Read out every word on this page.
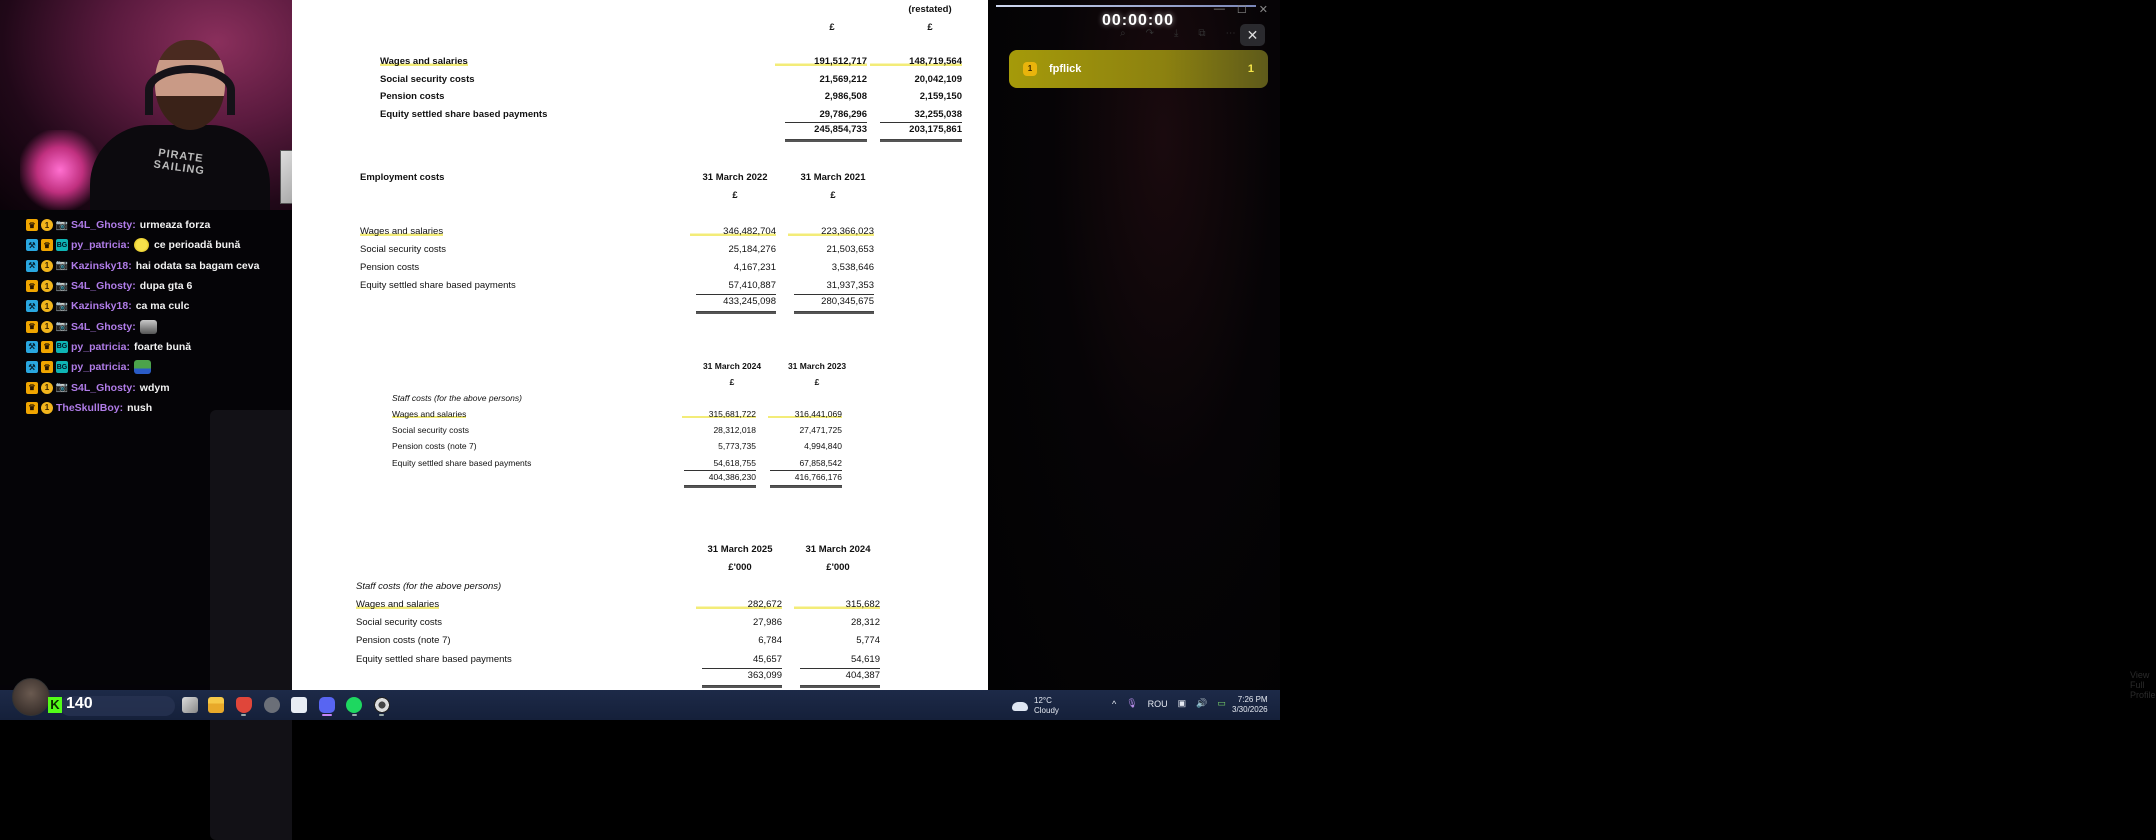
PIRATE SAILING
♛	1 📷 S4L_Ghosty : urmeaza forza
⚒ ♛ BG py_patricia : ce perioadă bună
⚒	1 📷 Kazinsky18 : hai odata sa bagam ceva
♛	1 📷 S4L_Ghosty : dupa gta 6
⚒	1 📷 Kazinsky18 : ca ma culc
♛	1 📷 S4L_Ghosty :
⚒ ♛ BG py_patricia : foarte bună
⚒ ♛ BG py_patricia :
♛	1 📷 S4L_Ghosty : wdym
♛	1 TheSkullBoy : nush
(restated)
£	£
Wages and salaries	191,512,717	148,719,564
Social security costs	21,569,212	20,042,109
Pension costs	2,986,508	2,159,150
Equity settled share based payments	29,786,296	32,255,038
245,854,733	203,175,861
Employment costs	31 March 2022	31 March 2021
£	£
Wages and salaries	346,482,704	223,366,023
Social security costs	25,184,276	21,503,653
Pension costs	4,167,231	3,538,646
Equity settled share based payments	57,410,887	31,937,353
433,245,098	280,345,675
31 March 2024	31 March 2023
£	£
Staff costs (for the above persons)
Wages and salaries	315,681,722	316,441,069
Social security costs	28,312,018	27,471,725
Pension costs (note 7)	5,773,735	4,994,840
Equity settled share based payments	54,618,755	67,858,542
404,386,230	416,766,176
31 March 2025	31 March 2024
£'000	£'000
Staff costs (for the above persons)
Wages and salaries	282,672	315,682
Social security costs	27,986	28,312
Pension costs (note 7)	6,784	5,774
Equity settled share based payments	45,657	54,619
363,099	404,387
— ☐ ✕
View Full Profile
⌕ ↷ ⤓ ⧉ ⋯
00:00:00
✕
1	fpflick	1
K 140	12°C
Cloudy
^ 🎙 ROU ▣ 🔊 ▭	7:26 PM
3/30/2026
